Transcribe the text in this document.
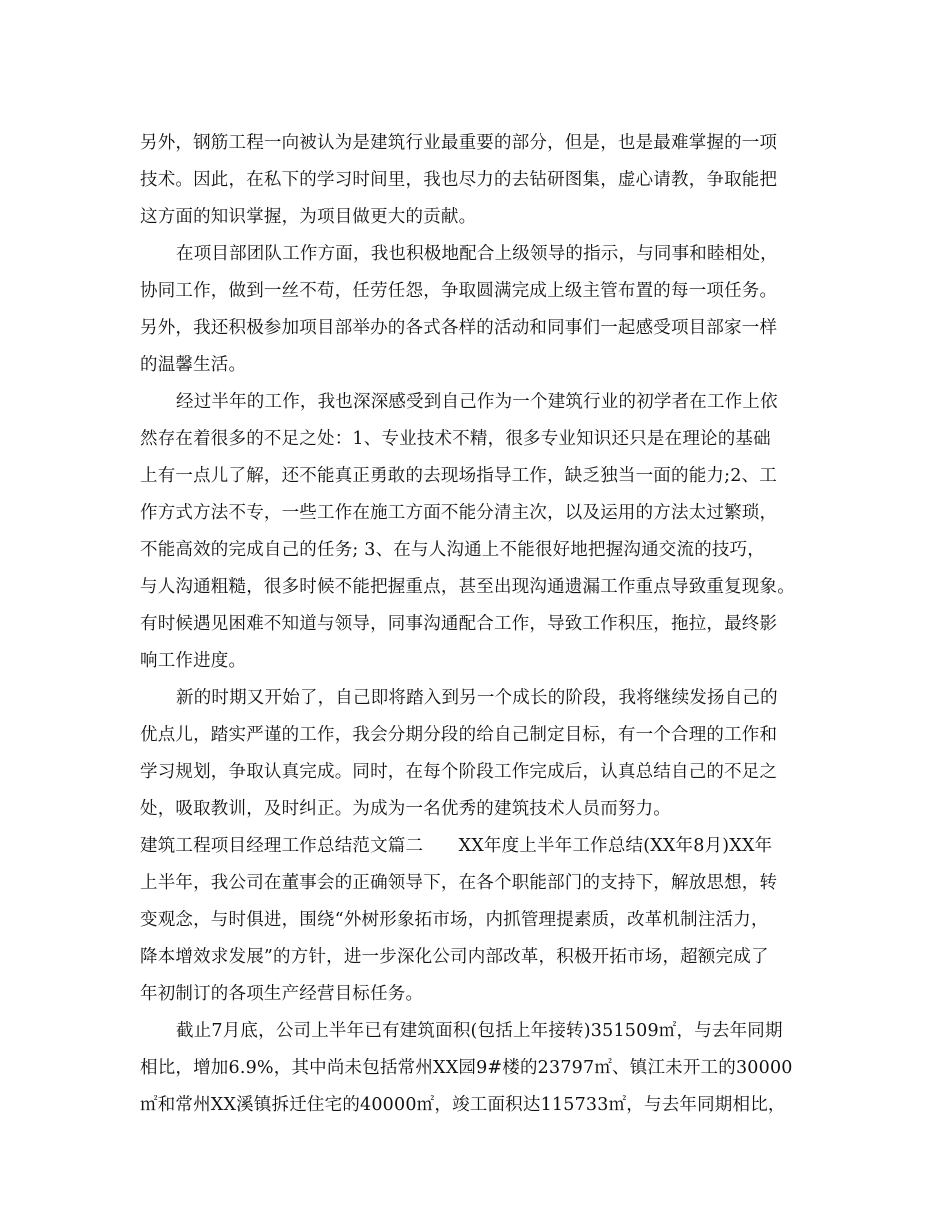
另外，钢筋工程一向被认为是建筑行业最重要的部分，但是，也是最难掌握的一项
技术。因此，在私下的学习时间里，我也尽力的去钻研图集，虚心请教，争取能把
这方面的知识掌握，为项目做更大的贡献。
在项目部团队工作方面，我也积极地配合上级领导的指示，与同事和睦相处，
协同工作，做到一丝不苟，任劳任怨，争取圆满完成上级主管布置的每一项任务。
另外，我还积极参加项目部举办的各式各样的活动和同事们一起感受项目部家一样
的温馨生活。
经过半年的工作，我也深深感受到自己作为一个建筑行业的初学者在工作上依
然存在着很多的不足之处：1、专业技术不精，很多专业知识还只是在理论的基础
上有一点儿了解，还不能真正勇敢的去现场指导工作，缺乏独当一面的能力;2、工
作方式方法不专，一些工作在施工方面不能分清主次，以及运用的方法太过繁琐，
不能高效的完成自己的任务; 3、在与人沟通上不能很好地把握沟通交流的技巧，
与人沟通粗糙，很多时候不能把握重点，甚至出现沟通遗漏工作重点导致重复现象。
有时候遇见困难不知道与领导，同事沟通配合工作，导致工作积压，拖拉，最终影
响工作进度。
新的时期又开始了，自己即将踏入到另一个成长的阶段，我将继续发扬自己的
优点儿，踏实严谨的工作，我会分期分段的给自己制定目标，有一个合理的工作和
学习规划，争取认真完成。同时，在每个阶段工作完成后，认真总结自己的不足之
处，吸取教训，及时纠正。为成为一名优秀的建筑技术人员而努力。
建筑工程项目经理工作总结范文篇二　　XX年度上半年工作总结(XX年8月)XX年
上半年，我公司在董事会的正确领导下，在各个职能部门的支持下，解放思想，转
变观念，与时俱进，围绕“外树形象拓市场，内抓管理提素质，改革机制注活力，
降本增效求发展”的方针，进一步深化公司内部改革，积极开拓市场，超额完成了
年初制订的各项生产经营目标任务。
截止7月底，公司上半年已有建筑面积(包括上年接转)351509㎡，与去年同期
相比，增加6.9%，其中尚未包括常州XX园9#楼的23797㎡、镇江未开工的30000
㎡和常州XX溪镇拆迁住宅的40000㎡，竣工面积达115733㎡，与去年同期相比，
